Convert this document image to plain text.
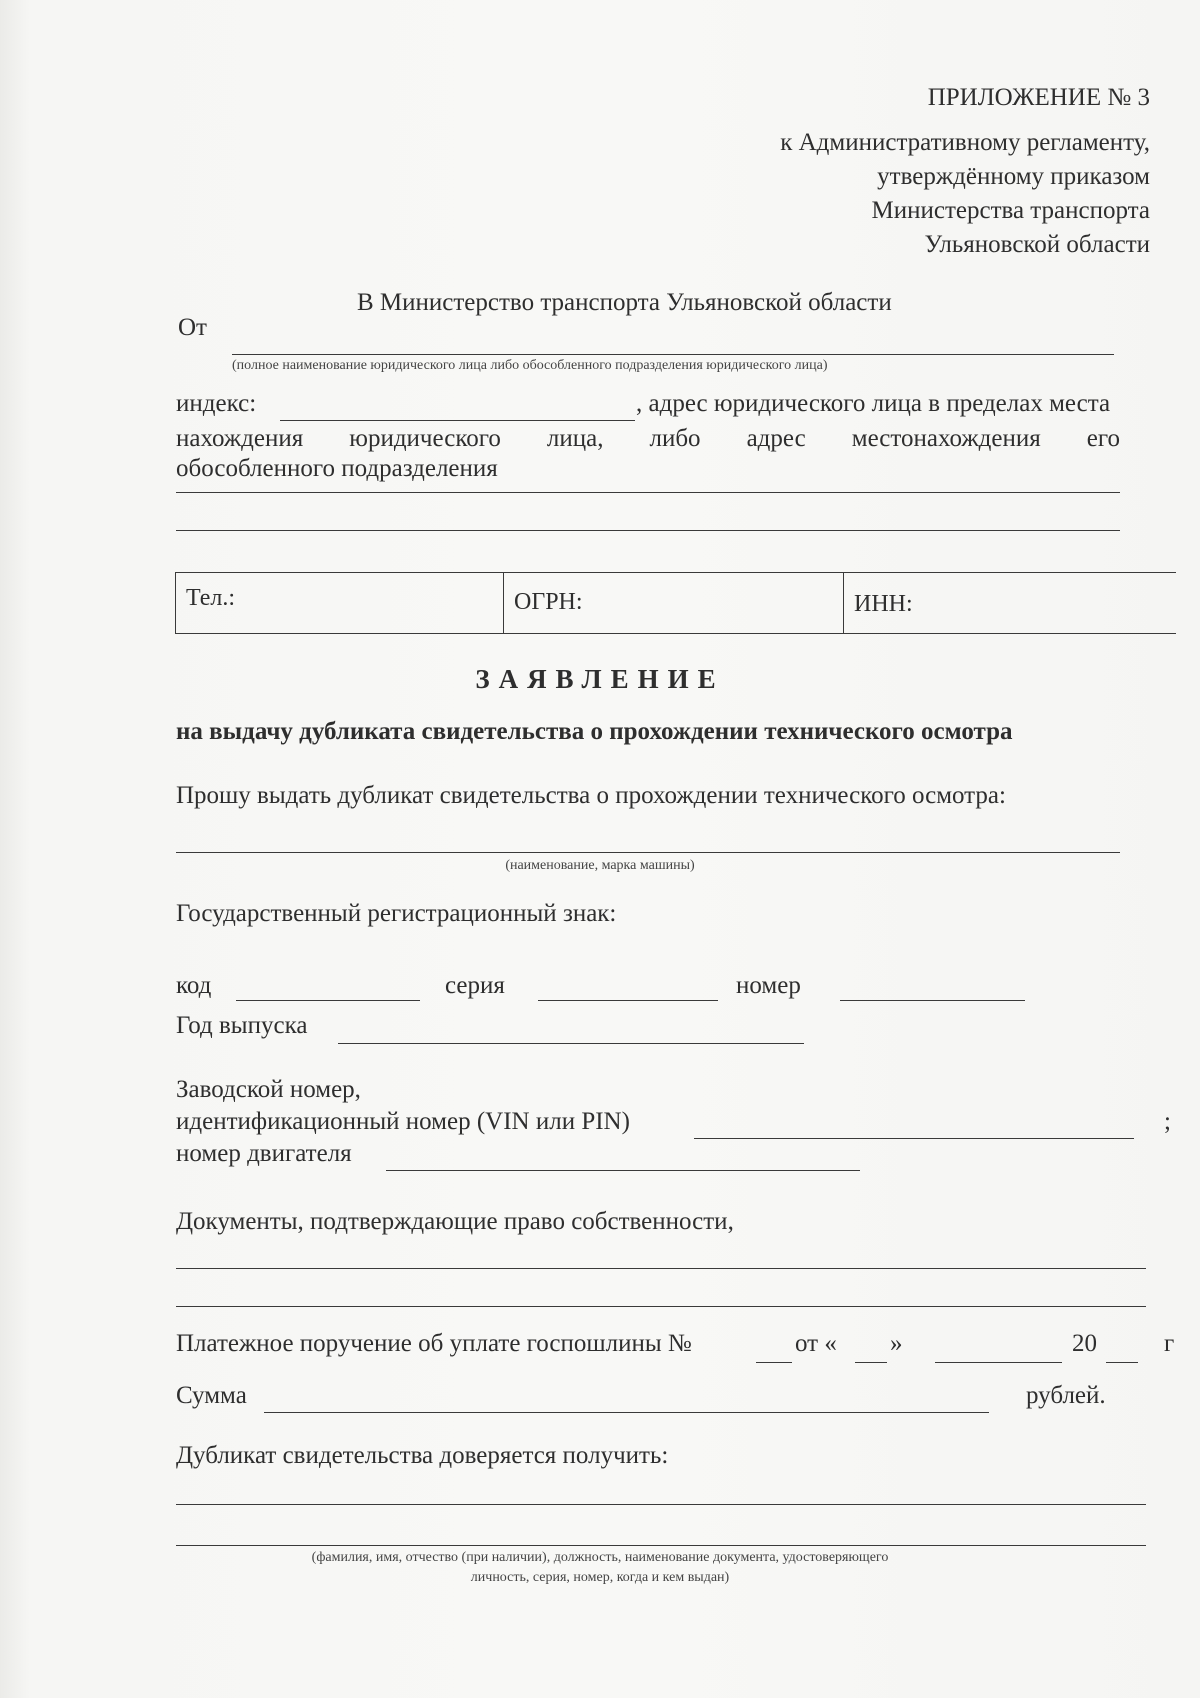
ПРИЛОЖЕНИЕ № 3
к Административному регламенту,
утверждённому приказом
Министерства транспорта
Ульяновской области
В Министерство транспорта Ульяновской области
От
(полное наименование юридического лица либо обособленного подразделения юридического лица)
индекс:	, адрес юридического лица в пределах места
нахождения юридического лица, либо адрес местонахождения его
обособленного подразделения
Тел.:	ОГРН:	ИНН:
ЗАЯВЛЕНИЕ
на выдачу дубликата свидетельства о прохождении технического осмотра
Прошу выдать дубликат свидетельства о прохождении технического осмотра:
(наименование, марка машины)
Государственный регистрационный знак:
код	серия	номер
Год выпуска
Заводской номер,
идентификационный номер (VIN или PIN)	;
номер двигателя
Документы, подтверждающие право собственности,
Платежное поручение об уплате госпошлины №	от « »	20	г
Сумма	рублей.
Дубликат свидетельства доверяется получить:
(фамилия, имя, отчество (при наличии), должность, наименование документа, удостоверяющего
личность, серия, номер, когда и кем выдан)
